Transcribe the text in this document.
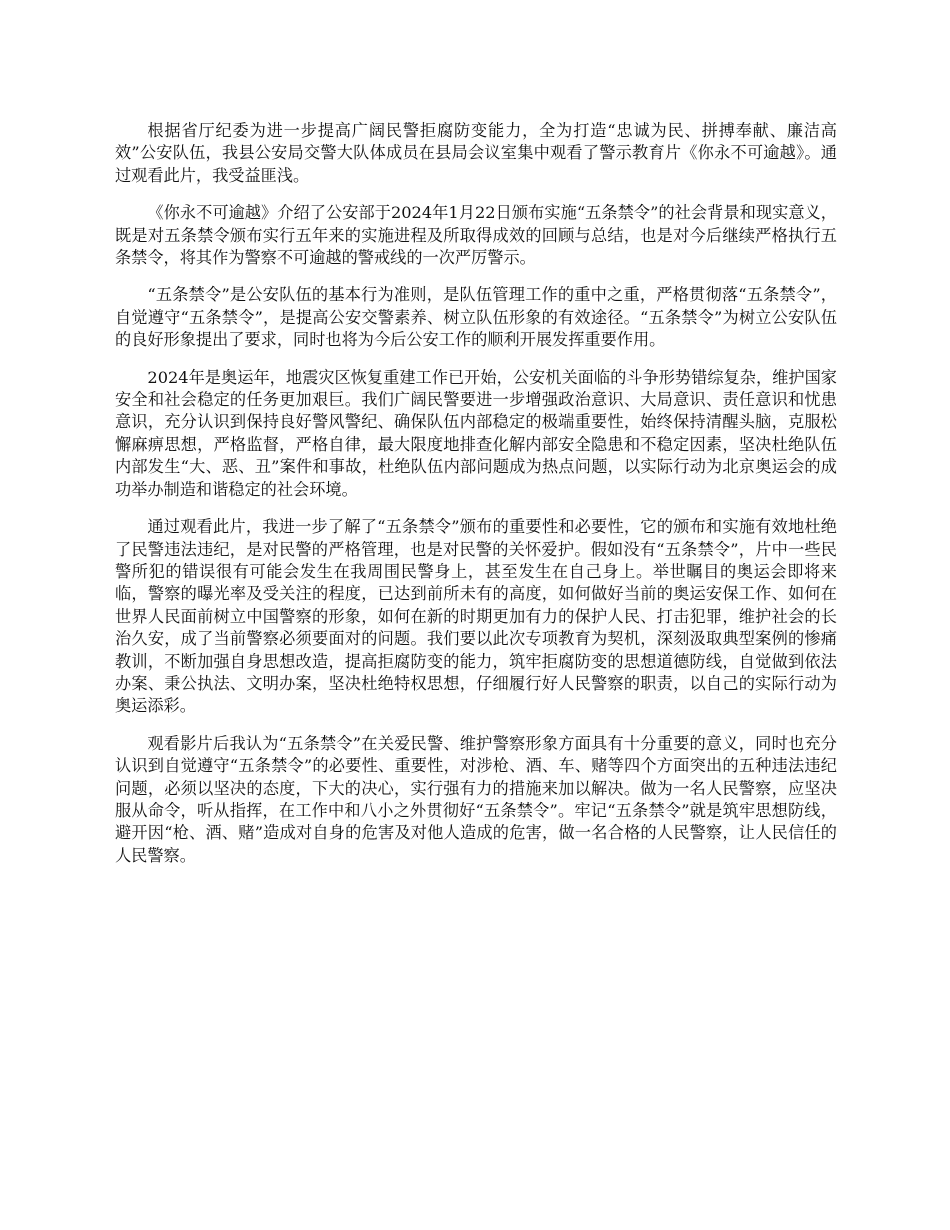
根据省厅纪委为进一步提高广阔民警拒腐防变能力，全为打造“忠诚为民、拼搏奉献、廉洁高效”公安队伍，我县公安局交警大队体成员在县局会议室集中观看了警示教育片《你永不可逾越》。通过观看此片，我受益匪浅。

《你永不可逾越》介绍了公安部于2024年1月22日颁布实施“五条禁令”的社会背景和现实意义，既是对五条禁令颁布实行五年来的实施进程及所取得成效的回顾与总结，也是对今后继续严格执行五条禁令，将其作为警察不可逾越的警戒线的一次严厉警示。

“五条禁令”是公安队伍的基本行为准则，是队伍管理工作的重中之重，严格贯彻落“五条禁令”，自觉遵守“五条禁令”，是提高公安交警素养、树立队伍形象的有效途径。“五条禁令”为树立公安队伍的良好形象提出了要求，同时也将为今后公安工作的顺利开展发挥重要作用。

2024年是奥运年，地震灾区恢复重建工作已开始，公安机关面临的斗争形势错综复杂，维护国家安全和社会稳定的任务更加艰巨。我们广阔民警要进一步增强政治意识、大局意识、责任意识和忧患意识，充分认识到保持良好警风警纪、确保队伍内部稳定的极端重要性，始终保持清醒头脑，克服松懈麻痹思想，严格监督，严格自律，最大限度地排查化解内部安全隐患和不稳定因素，坚决杜绝队伍内部发生“大、恶、丑”案件和事故，杜绝队伍内部问题成为热点问题，以实际行动为北京奥运会的成功举办制造和谐稳定的社会环境。

通过观看此片，我进一步了解了“五条禁令”颁布的重要性和必要性，它的颁布和实施有效地杜绝了民警违法违纪，是对民警的严格管理，也是对民警的关怀爱护。假如没有“五条禁令”，片中一些民警所犯的错误很有可能会发生在我周围民警身上，甚至发生在自己身上。举世瞩目的奥运会即将来临，警察的曝光率及受关注的程度，已达到前所未有的高度，如何做好当前的奥运安保工作、如何在世界人民面前树立中国警察的形象，如何在新的时期更加有力的保护人民、打击犯罪，维护社会的长治久安，成了当前警察必须要面对的问题。我们要以此次专项教育为契机，深刻汲取典型案例的惨痛教训，不断加强自身思想改造，提高拒腐防变的能力，筑牢拒腐防变的思想道德防线，自觉做到依法办案、秉公执法、文明办案，坚决杜绝特权思想，仔细履行好人民警察的职责，以自己的实际行动为奥运添彩。

观看影片后我认为“五条禁令”在关爱民警、维护警察形象方面具有十分重要的意义，同时也充分认识到自觉遵守“五条禁令”的必要性、重要性，对涉枪、酒、车、赌等四个方面突出的五种违法违纪问题，必须以坚决的态度，下大的决心，实行强有力的措施来加以解决。做为一名人民警察，应坚决服从命令，听从指挥，在工作中和八小之外贯彻好“五条禁令”。牢记“五条禁令”就是筑牢思想防线，避开因“枪、酒、赌”造成对自身的危害及对他人造成的危害，做一名合格的人民警察，让人民信任的人民警察。
